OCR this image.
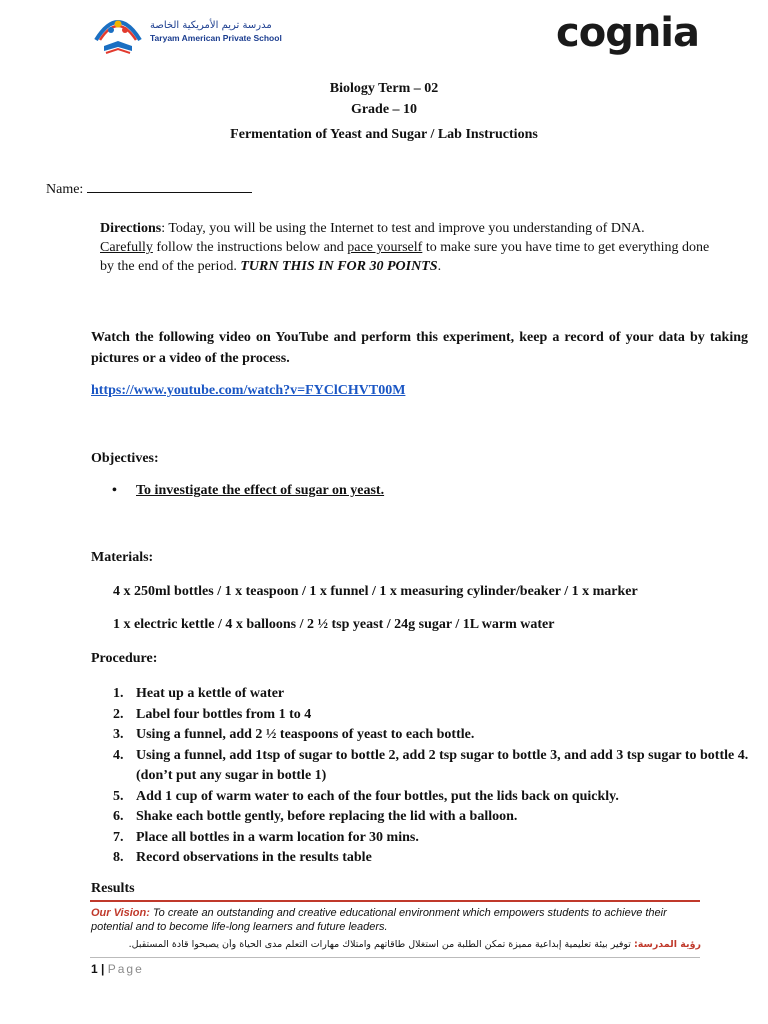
مدرسة تريم الأمريكية الخاصة
Taryam American Private School	cognia
Biology Term – 02
Grade – 10
Fermentation of Yeast and Sugar / Lab Instructions
Name:
Directions: Today, you will be using the Internet to test and improve you understanding of DNA.
Carefully follow the instructions below and pace yourself to make sure you have time to get everything done by the end of the period. TURN THIS IN FOR 30 POINTS.
Watch the following video on YouTube and perform this experiment, keep a record of your data by taking pictures or a video of the process.
https://www.youtube.com/watch?v=FYClCHVT00M
Objectives:
• To investigate the effect of sugar on yeast.
Materials:
4 x 250ml bottles / 1 x teaspoon / 1 x funnel / 1 x measuring cylinder/beaker / 1 x marker
1 x electric kettle / 4 x balloons / 2 ½ tsp yeast / 24g sugar / 1L warm water
Procedure:
1. Heat up a kettle of water
2. Label four bottles from 1 to 4
3. Using a funnel, add 2 ½ teaspoons of yeast to each bottle.
4. Using a funnel, add 1tsp of sugar to bottle 2, add 2 tsp sugar to bottle 3, and add 3 tsp sugar to bottle 4. (don’t put any sugar in bottle 1)
5. Add 1 cup of warm water to each of the four bottles, put the lids back on quickly.
6. Shake each bottle gently, before replacing the lid with a balloon.
7. Place all bottles in a warm location for 30 mins.
8. Record observations in the results table
Results
Our Vision: To create an outstanding and creative educational environment which empowers students to achieve their potential and to become life-long learners and future leaders.
رؤية المدرسة: توفير بيئة تعليمية إبداعية مميزة تمكن الطلبة من استغلال طاقاتهم وامتلاك مهارات التعلم مدى الحياة وأن يصبحوا قادة المستقبل.
1 | Page
